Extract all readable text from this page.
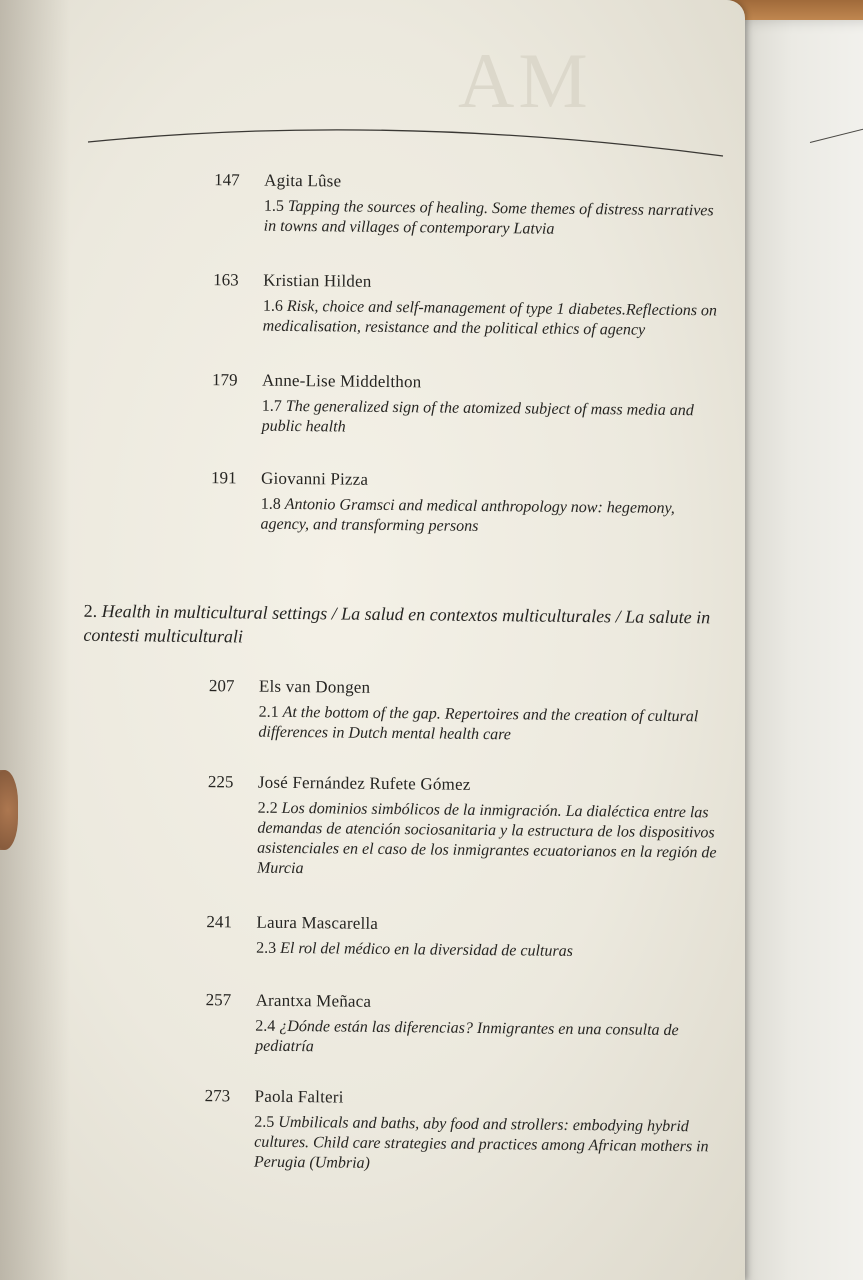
AM
147 Agita Lûse
1.5 Tapping the sources of healing. Some themes of distress narratives in towns and villages of contemporary Latvia
163 Kristian Hilden
1.6 Risk, choice and self-management of type 1 diabetes.Reflections on medicalisation, resistance and the political ethics of agency
179 Anne-Lise Middelthon
1.7 The generalized sign of the atomized subject of mass media and public health
191 Giovanni Pizza
1.8 Antonio Gramsci and medical anthropology now: hegemony, agency, and transforming persons
2. Health in multicultural settings / La salud en contextos multiculturales / La salute in contesti multiculturali
207 Els van Dongen
2.1 At the bottom of the gap. Repertoires and the creation of cultural differences in Dutch mental health care
225 José Fernández Rufete Gómez
2.2 Los dominios simbólicos de la inmigración. La dialéctica entre las demandas de atención sociosanitaria y la estructura de los dispositivos asistenciales en el caso de los inmigrantes ecuatorianos en la región de Murcia
241 Laura Mascarella
2.3 El rol del médico en la diversidad de culturas
257 Arantxa Meñaca
2.4 ¿Dónde están las diferencias? Inmigrantes en una consulta de pediatría
273 Paola Falteri
2.5 Umbilicals and baths, aby food and strollers: embodying hybrid cultures. Child care strategies and practices among African mothers in Perugia (Umbria)
